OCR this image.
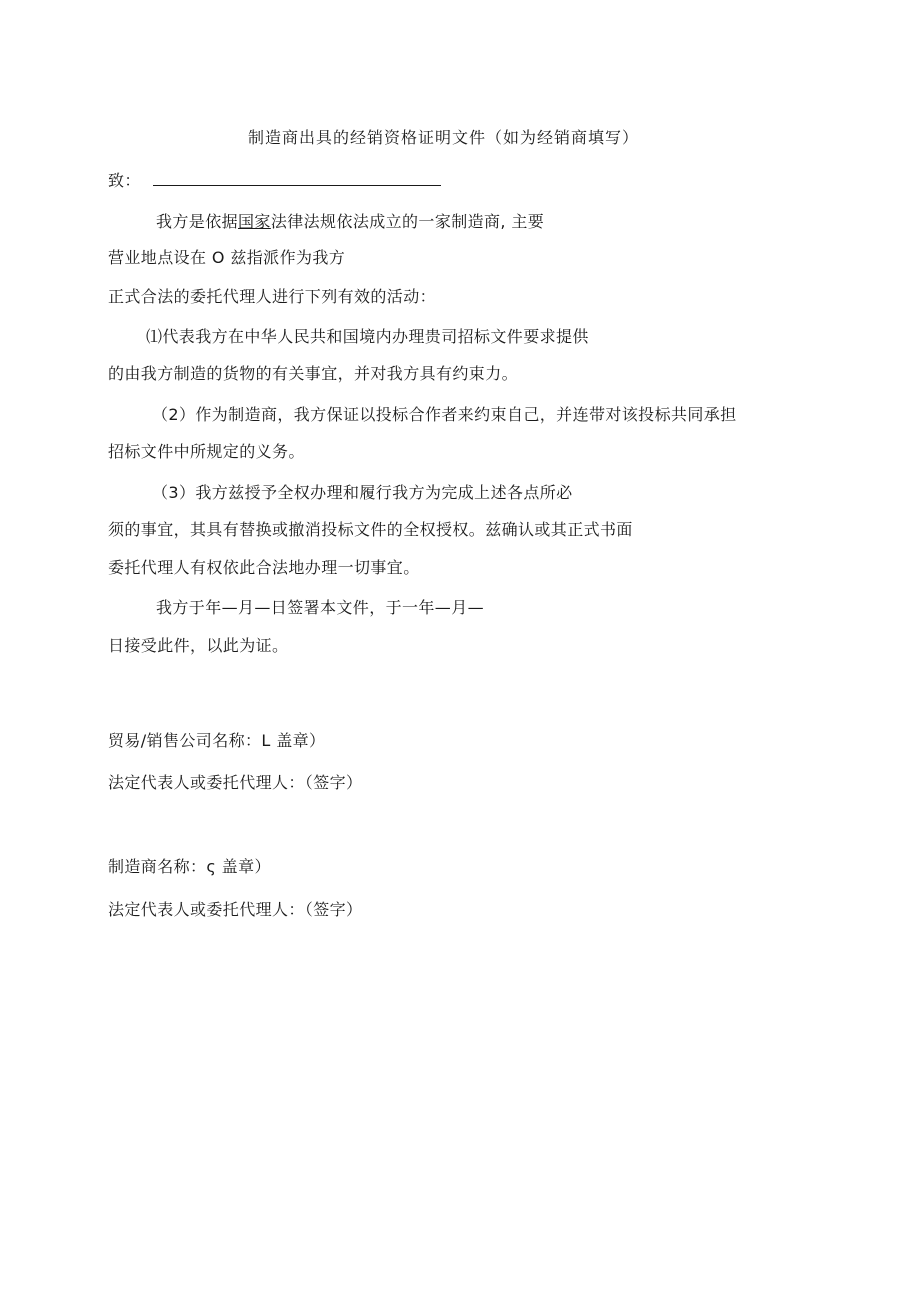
制造商出具的经销资格证明文件（如为经销商填写）
致：
我方是依据国家法律法规依法成立的一家制造商, 主要
营业地点设在 O 兹指派作为我方
正式合法的委托代理人进行下列有效的活动：
⑴代表我方在中华人民共和国境内办理贵司招标文件要求提供
的由我方制造的货物的有关事宜，并对我方具有约束力。
（2）作为制造商，我方保证以投标合作者来约束自己，并连带对该投标共同承担
招标文件中所规定的义务。
（3）我方兹授予全权办理和履行我方为完成上述各点所必
须的事宜，其具有替换或撤消投标文件的全权授权。兹确认或其正式书面
委托代理人有权依此合法地办理一切事宜。
我方于年—月—日签署本文件，于一年—月—
日接受此件，以此为证。
贸易/销售公司名称：L 盖章）
法定代表人或委托代理人：（签字）
制造商名称：ς 盖章）
法定代表人或委托代理人：（签字）
